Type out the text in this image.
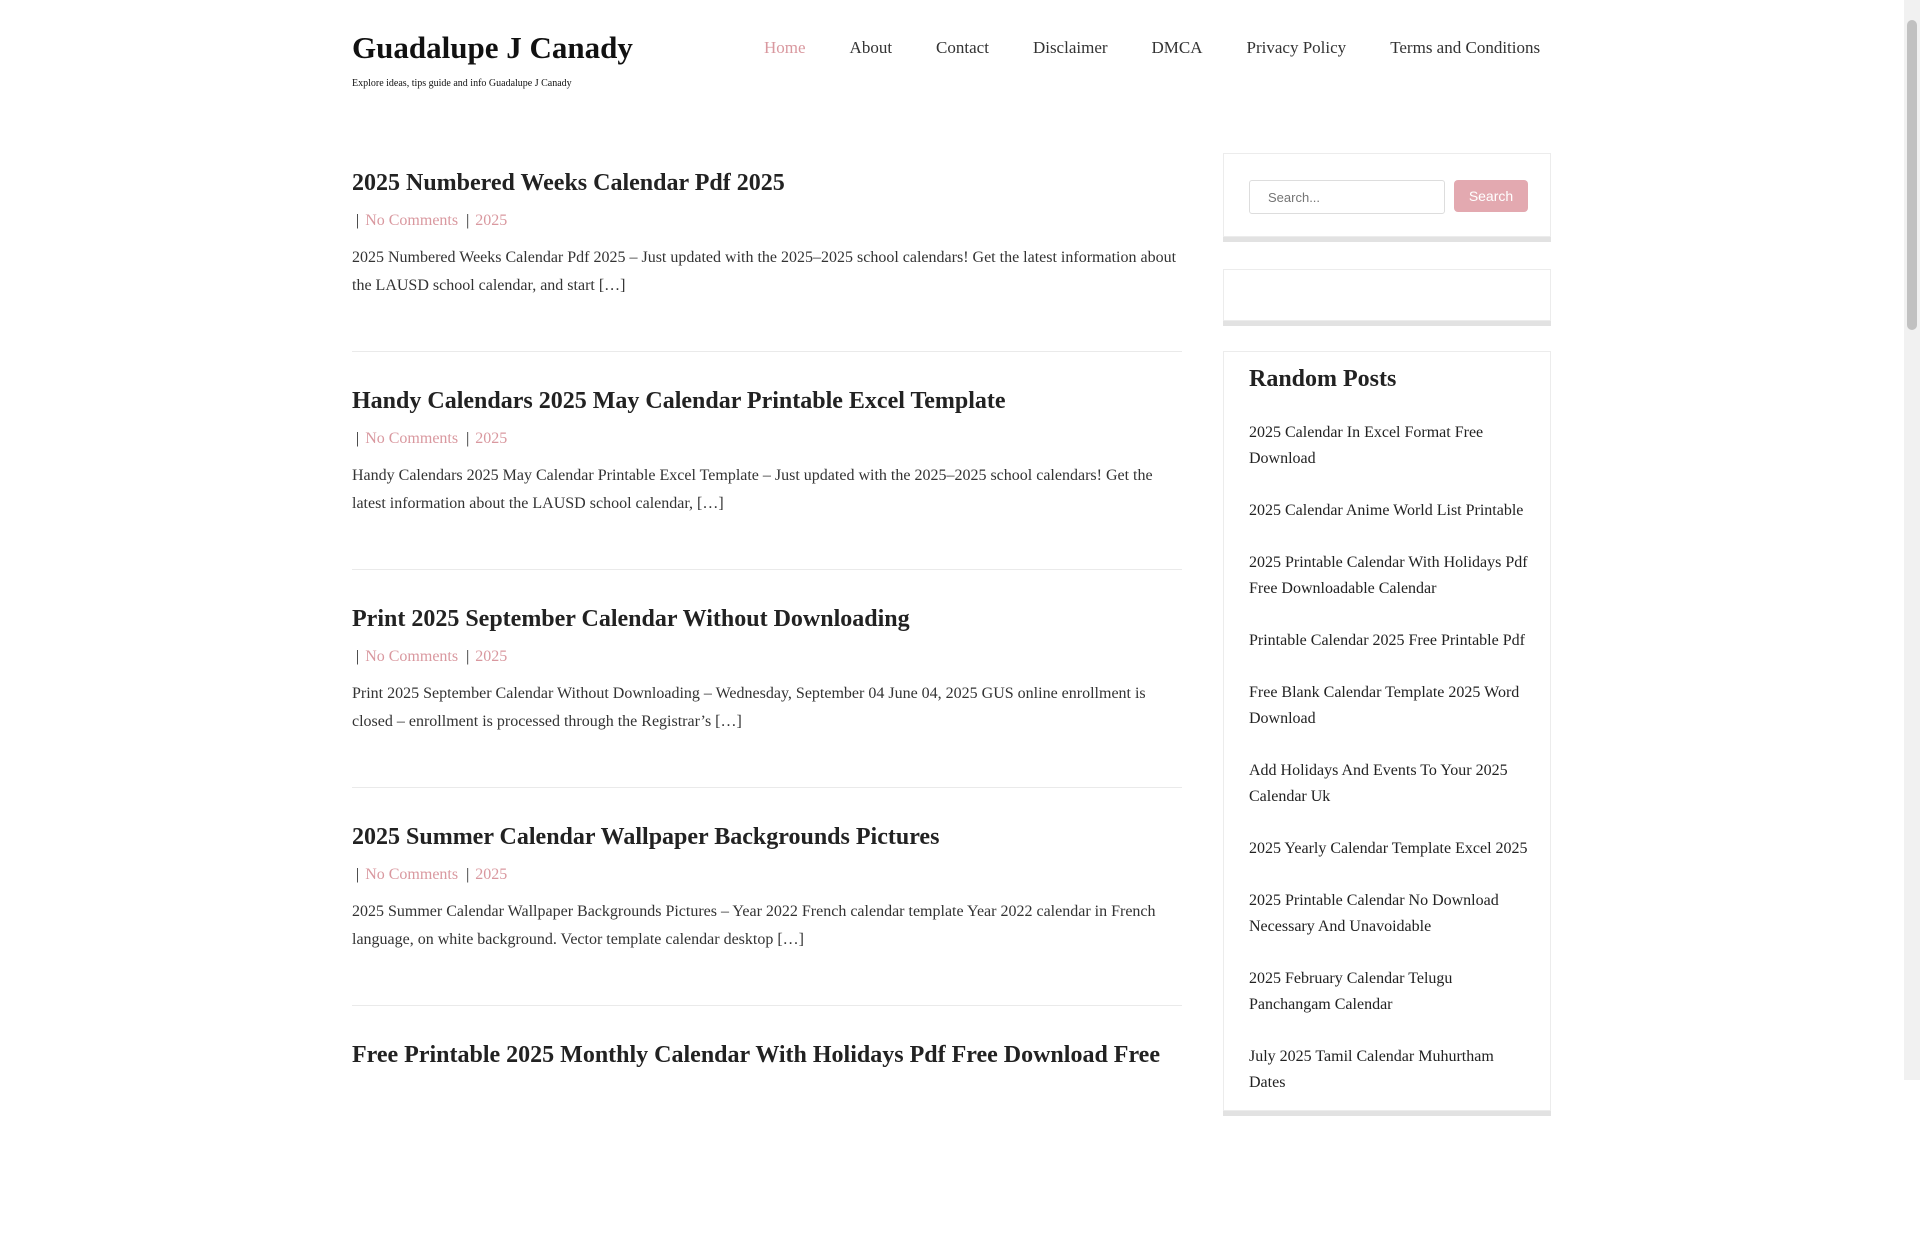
Guadalupe J Canady
Explore ideas, tips guide and info Guadalupe J Canady
Home	About	Contact	Disclaimer	DMCA	Privacy Policy	Terms and Conditions
2025 Numbered Weeks Calendar Pdf 2025
| No Comments | 2025

2025 Numbered Weeks Calendar Pdf 2025 – Just updated with the 2025–2025 school calendars! Get the latest information about the LAUSD school calendar, and start […]

Handy Calendars 2025 May Calendar Printable Excel Template
| No Comments | 2025

Handy Calendars 2025 May Calendar Printable Excel Template – Just updated with the 2025–2025 school calendars! Get the latest information about the LAUSD school calendar, […]

Print 2025 September Calendar Without Downloading
| No Comments | 2025

Print 2025 September Calendar Without Downloading – Wednesday, September 04 June 04, 2025 GUS online enrollment is closed – enrollment is processed through the Registrar’s […]

2025 Summer Calendar Wallpaper Backgrounds Pictures
| No Comments | 2025

2025 Summer Calendar Wallpaper Backgrounds Pictures – Year 2022 French calendar template Year 2022 calendar in French language, on white background. Vector template calendar desktop […]

Free Printable 2025 Monthly Calendar With Holidays Pdf Free Download Free
Search...
Search
Random Posts
2025 Calendar In Excel Format Free Download
2025 Calendar Anime World List Printable
2025 Printable Calendar With Holidays Pdf Free Downloadable Calendar
Printable Calendar 2025 Free Printable Pdf
Free Blank Calendar Template 2025 Word Download
Add Holidays And Events To Your 2025 Calendar Uk
2025 Yearly Calendar Template Excel 2025
2025 Printable Calendar No Download Necessary And Unavoidable
2025 February Calendar Telugu Panchangam Calendar
July 2025 Tamil Calendar Muhurtham Dates
